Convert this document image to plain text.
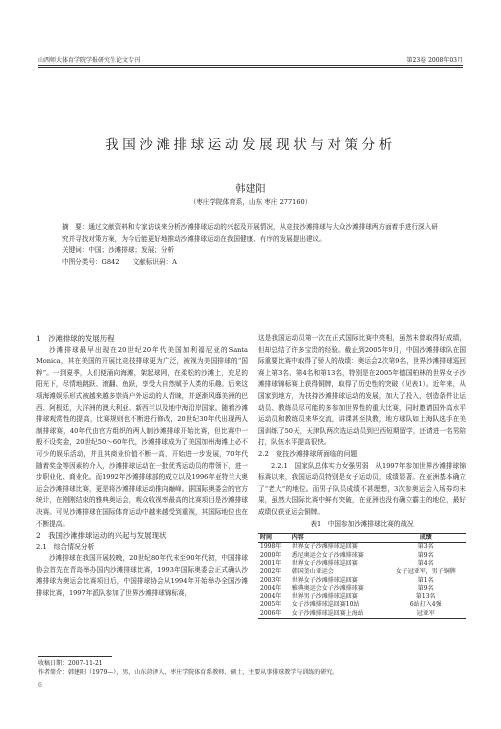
山西师大体育学院学报研究生论文专刊	第23卷 2008年03月
我国沙滩排球运动发展现状与对策分析
韩建阳
（枣庄学院体育系，山东 枣庄 277160）

摘　要：通过文献资料和专家访谈来分析沙滩排球运动的兴起及开展情况，从竞技沙滩排球与大众沙滩排球两方面着手进行深入研究并寻找对策方案，为今后能更好地推动沙滩排球运动在我国健康、有序的发展提出建议。

关键词：中国；沙滩排球；发展；分析

中图分类号：G842　　文献标识码：A

1　沙滩排球的发展历程

沙滩排球最早出现在20世纪20年代美国加利福尼亚的Santa Monica，其在美国的开展比竞技排球更为广泛，被视为美国排球的“国粹”。一到夏季，人们便涌向海滩，架起球网，在柔松的沙滩上，充足的阳光下，尽情地跳跃、滚翻、鱼跃，享受大自然赋予人类的乐趣。后来这项海滩娱乐形式被越来越多崇尚户外运动的人青睐，并逐渐风靡美洲的巴西、阿根廷，大洋洲的澳大利亚、新西兰以及地中海沿岸国家。随着沙滩排球观赏性的提高，比赛规则也不断进行修改，20世纪30年代出现两人制排球赛，40年代由官方组织的两人制沙滩排球开始比赛，但比赛中一般不设奖金，20世纪50～60年代，沙滩排球成为了美国加州海滩上必不可少的娱乐活动，并且其商业价值不断一高，开始进一步发展，70年代随着奖金等因素的介入，沙滩排球运动在一批优秀运动员的带领下，进一步职业化、商业化。而1992年沙滩排球部的成立以及1996年亚特兰大奥运会沙滩排球比赛，更是将沙滩排球运动推向巅峰。据国际奥委会的官方统计，在刚刚结束的雅典奥运会，观众收视率最高的比赛项目是沙滩排球决赛。可见沙滩排球在国际体育运动中越来越受到重视，其国际地位也在不断提高。

2　我国沙滩排球运动的兴起与发展现状

2.1　综合情况分析

沙滩排球在我国开展较晚，20世纪80年代末至90年代初，中国排球协会首先在青岛举办国内沙滩排球比赛，1993年国际奥委会正式确认沙滩排球为奥运会比赛项目后，中国排球协会从1994年开始举办全国沙滩排球比赛，1997年派队参加了世界沙滩排球锦标赛，

这是我国运动员第一次在正式国际比赛中亮相，虽然未曾取得好成绩，但却总结了许多宝贵的经验。截止到2005年9月，中国沙滩排球队在国际重要比赛中取得了骄人的战绩：奥运会2次第9名，世界沙滩排球巡回赛上第3名、第4名和第13名，特别是在2005年德国柏林的世界女子沙滩排球锦标赛上获得铜牌，取得了历史性的突破（见表1）。近年来，从国家到地方，为扶持沙滩排球运动的发展，加大了投入，创造条件让运动员、教练员尽可能的多参加世界性的重大比赛，同时邀请国外高水平运动员和教练员来华交流，讲课甚至执教，地方球队如上海队选手在美国训练了50天，天津队两次选运动员到巴西短期留学，还请进一名男陪打，队伍水平提高很快。

2.2　竞技沙滩排球所面临的问题

2.2.1　国家队总体实力女强男弱　从1997年参加世界沙滩排球锦标赛以来，我国运动员特别是女子运动员，成绩显著。在亚洲基本确立了“老大”的地位。而男子队员成绩不甚理想，3次参奥运会入场券均未果，虽然大国际比赛中鲜有突破，在亚洲也没有确立霸主的地位，最好成绩仅获亚运会铜牌。

表1　中国参加沙滩排球比赛的战况

时间	内容	成绩
1998年	世界女子沙滩排球巡回赛	第3名
2000年	悉尼奥运会女子沙滩排球赛	第9名
2001年	世界女子沙滩排球巡回赛	第4名
2002年	韩国釜山亚运会	女子冠亚军，男子铜牌
2003年	世界女子沙滩排球巡回赛	第1名
2004年	雅典奥运会女子沙滩排球赛	第9名
2004年	世界男子沙滩排球巡回赛	第13名
2005年	女子沙滩排球巡回赛10站	6站打入4强
2006年	女子沙滩排球巡回赛上海站	冠亚军

收稿日期：2007-11-21

作者简介：韩建阳（1979—），男，山东菏泽人，枣庄学院体育系教师，硕士，主要从事排球教学与训练的研究。

6
